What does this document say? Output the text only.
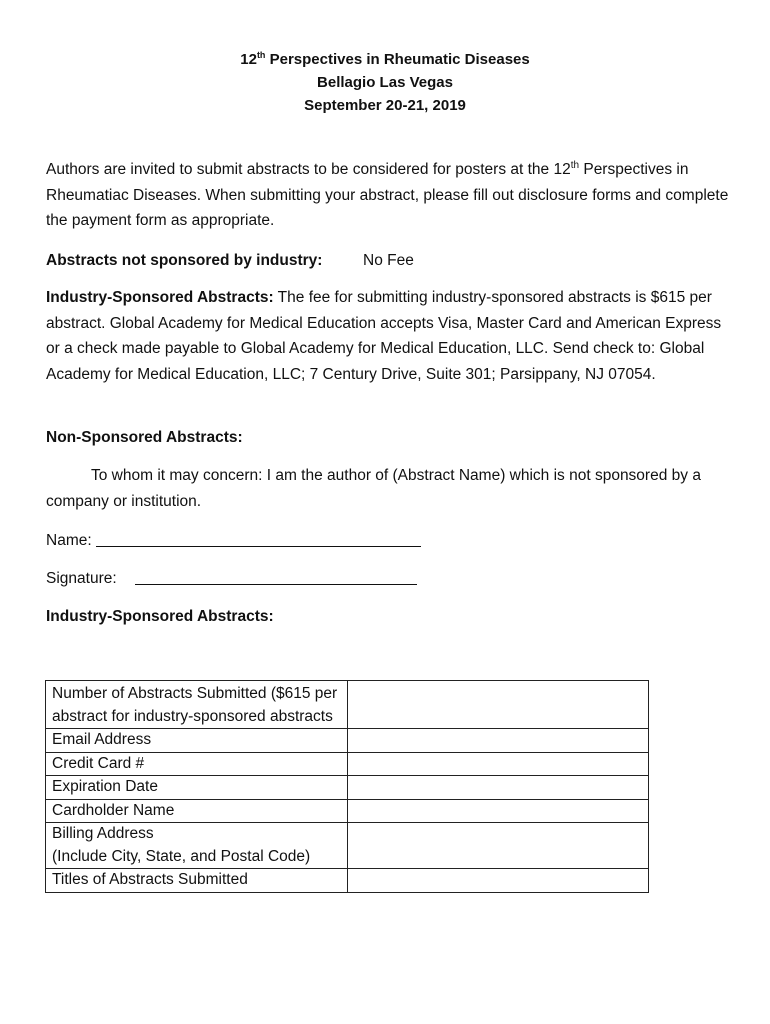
12th Perspectives in Rheumatic Diseases
Bellagio Las Vegas
September 20-21, 2019

Authors are invited to submit abstracts to be considered for posters at the 12th Perspectives in Rheumatiac Diseases. When submitting your abstract, please fill out disclosure forms and complete the payment form as appropriate.

Abstracts not sponsored by industry:	No Fee

Industry-Sponsored Abstracts: The fee for submitting industry-sponsored abstracts is $615 per abstract. Global Academy for Medical Education accepts Visa, Master Card and American Express or a check made payable to Global Academy for Medical Education, LLC. Send check to: Global Academy for Medical Education, LLC; 7 Century Drive, Suite 301; Parsippany, NJ 07054.

Non-Sponsored Abstracts:

To whom it may concern: I am the author of (Abstract Name) which is not sponsored by a company or institution.

Name:
Signature:
Industry-Sponsored Abstracts:
Number of Abstracts Submitted ($615 per abstract for industry-sponsored abstracts	
Email Address	
Credit Card #	
Expiration Date	
Cardholder Name	

Billing Address
(Include City, State, and Postal Code)	

Titles of Abstracts Submitted	
